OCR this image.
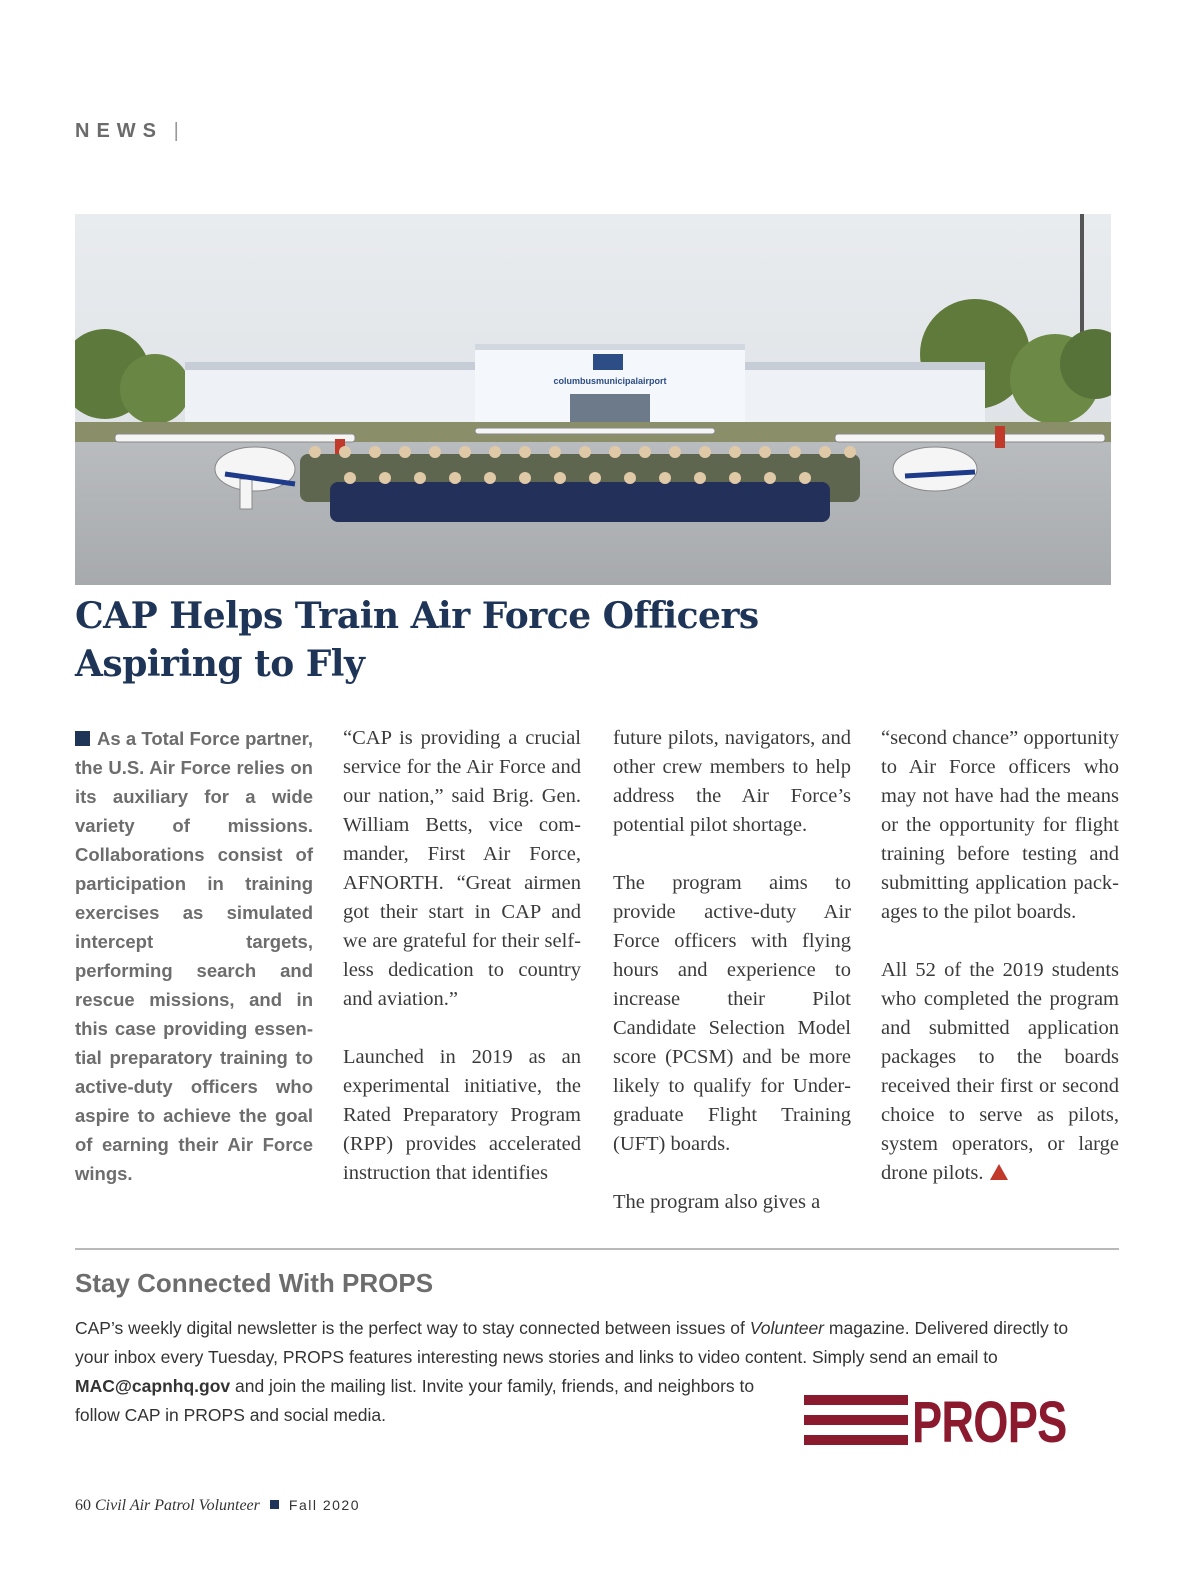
NEWS |
columbusmunicipalairport
CAP Helps Train Air Force Officers
Aspiring to Fly

As a Total Force partner, the U.S. Air Force relies on its auxiliary for a wide variety of missions. Collaborations consist of participation in training exercises as simulated intercept targets, performing search and rescue missions, and in this case providing essential preparatory training to active-duty officers who aspire to achieve the goal of earning their Air Force wings.

“CAP is providing a crucial service for the Air Force and our nation,” said Brig. Gen. William Betts, vice commander, First Air Force, AFNORTH. “Great airmen got their start in CAP and we are grateful for their selfless dedication to country and aviation.”

Launched in 2019 as an experimental initiative, the Rated Preparatory Program (RPP) provides accelerated instruction that identifies

future pilots, navigators, and other crew members to help address the Air Force’s potential pilot shortage.

The program aims to provide active-duty Air Force officers with flying hours and experience to increase their Pilot Candidate Selection Model score (PCSM) and be more likely to qualify for Undergraduate Flight Training (UFT) boards.

The program also gives a

“second chance” opportunity to Air Force officers who may not have had the means or the opportunity for flight training before testing and submitting application packages to the pilot boards.

All 52 of the 2019 students who completed the program and submitted application packages to the boards received their first or second choice to serve as pilots, system operators, or large drone pilots.

Stay Connected With PROPS

CAP’s weekly digital newsletter is the perfect way to stay connected between issues of Volunteer magazine. Delivered directly to your inbox every Tuesday, PROPS features interesting news stories and links to video content. Simply send an email to
MAC@capnhq.gov and join the mailing list. Invite your family, friends, and neighbors to
follow CAP in PROPS and social media.	PROPS
60 Civil Air Patrol Volunteer Fall 2020
